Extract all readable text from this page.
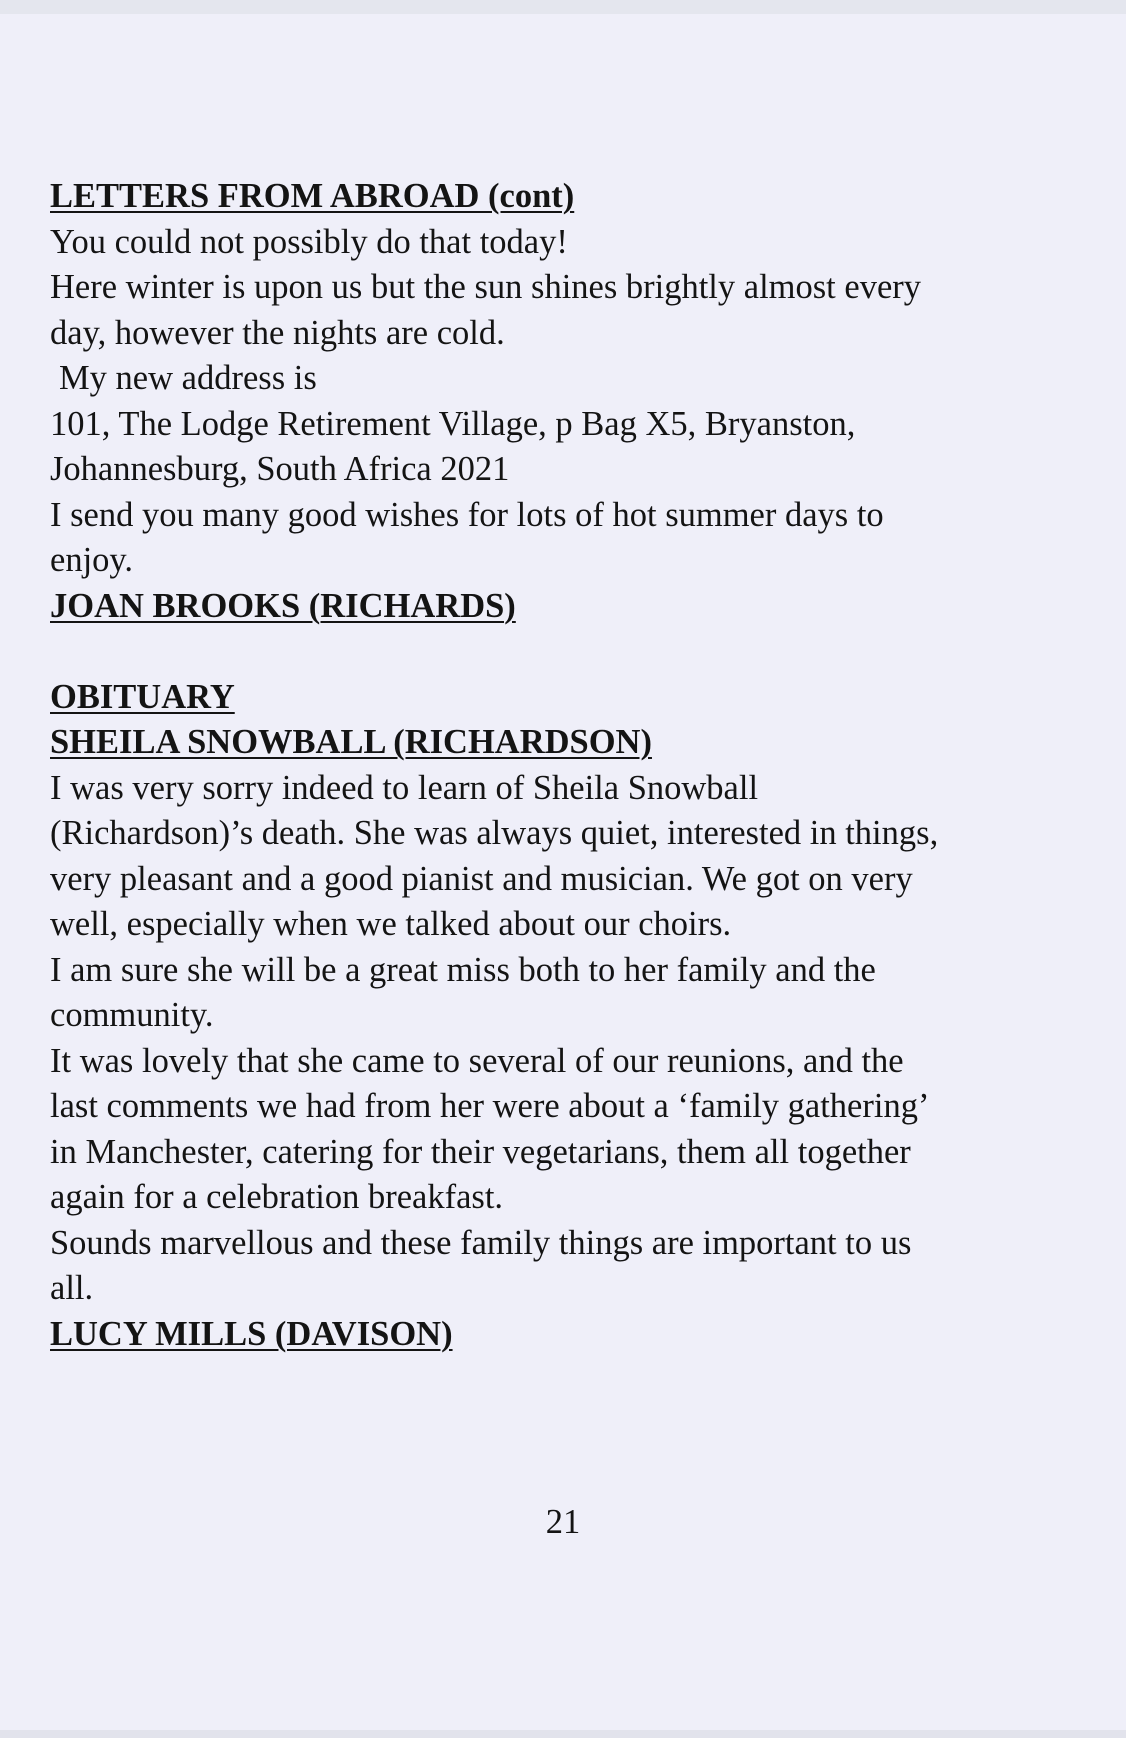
LETTERS FROM ABROAD (cont)

You could not possibly do that today!

Here winter is upon us but the sun shines brightly almost every

day, however the nights are cold.

My new address is

101, The Lodge Retirement Village, p Bag X5, Bryanston,

Johannesburg, South Africa 2021

I send you many good wishes for lots of hot summer days to

enjoy.

JOAN BROOKS (RICHARDS)

OBITUARY

SHEILA SNOWBALL (RICHARDSON)

I was very sorry indeed to learn of Sheila Snowball

(Richardson)’s death. She was always quiet, interested in things,

very pleasant and a good pianist and musician. We got on very

well, especially when we talked about our choirs.

I am sure she will be a great miss both to her family and the

community.

It was lovely that she came to several of our reunions, and the

last comments we had from her were about a ‘family gathering’

in Manchester, catering for their vegetarians, them all together

again for a celebration breakfast.

Sounds marvellous and these family things are important to us

all.

LUCY MILLS (DAVISON)

21
